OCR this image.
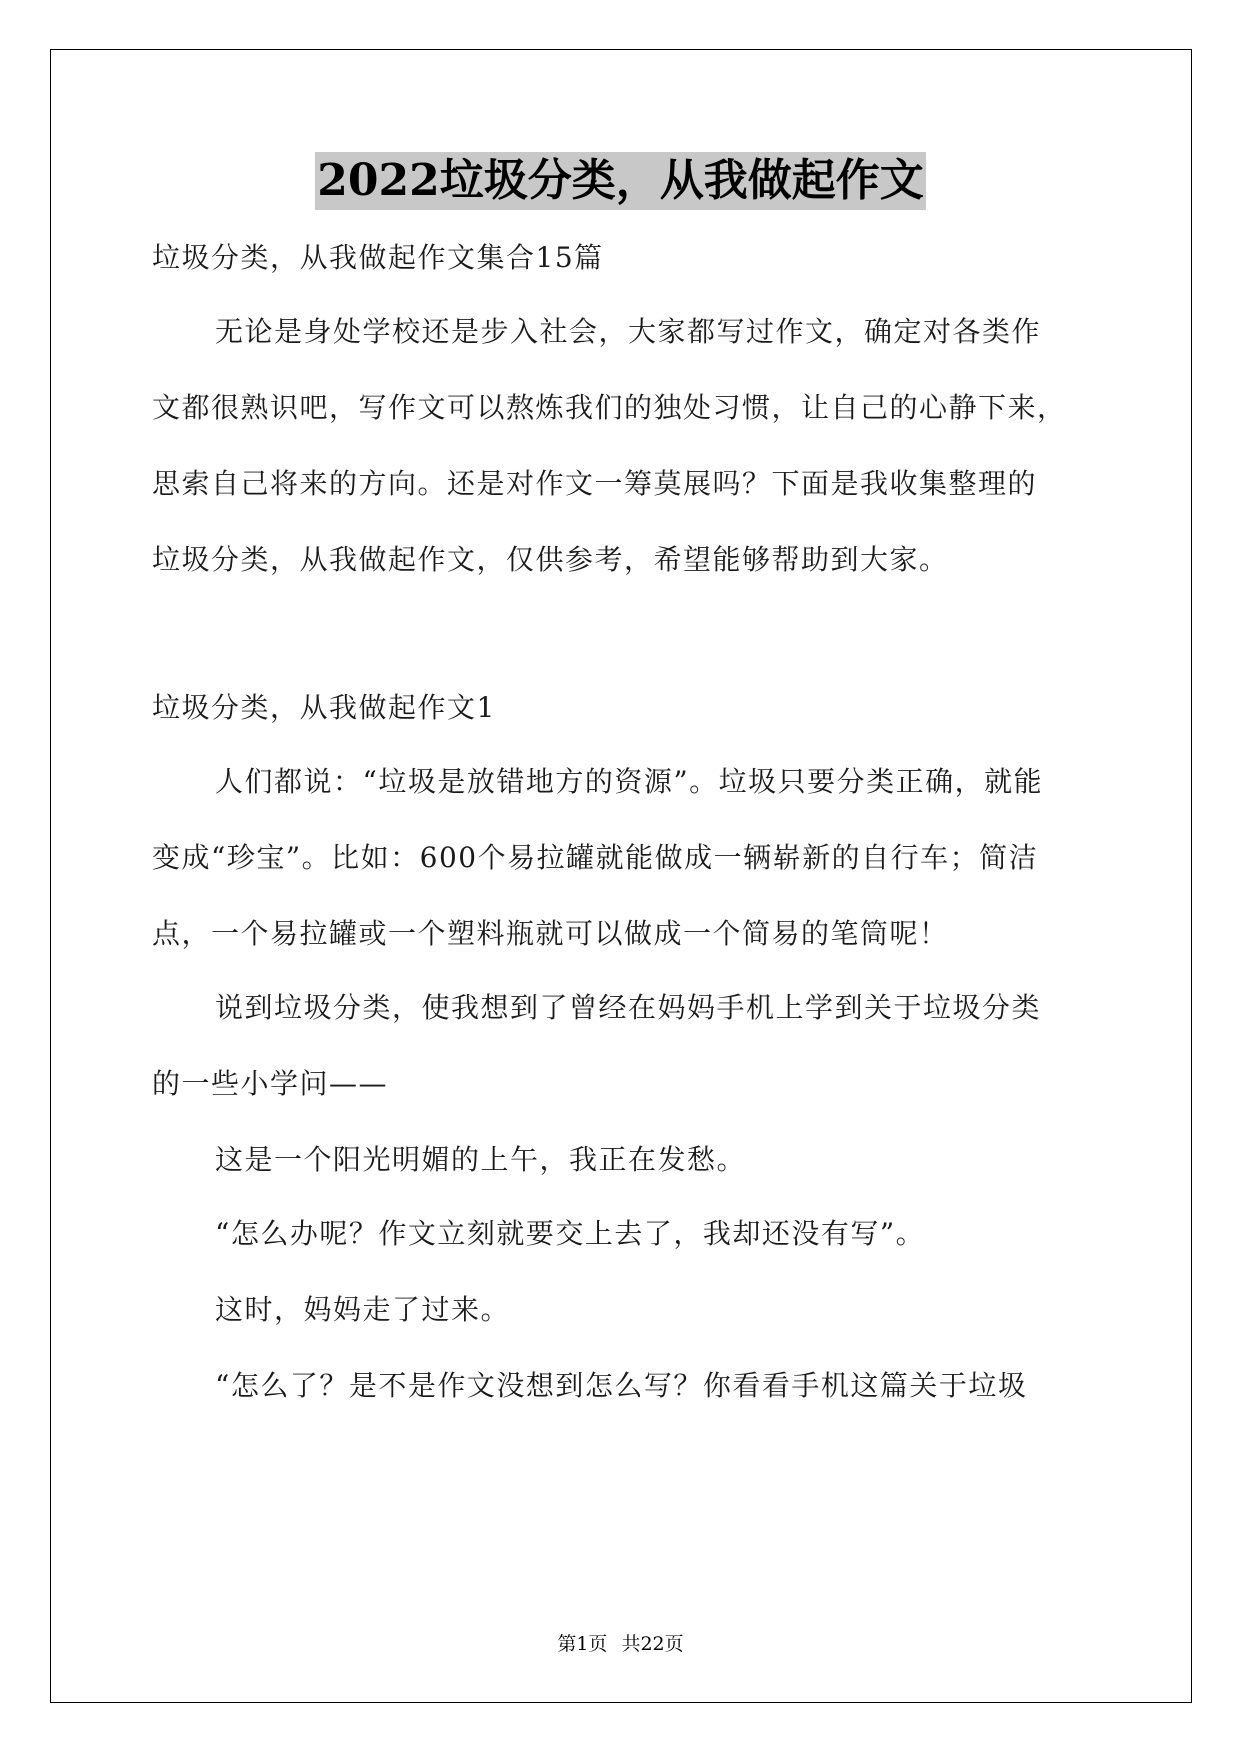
2022垃圾分类，从我做起作文
垃圾分类，从我做起作文集合15篇
无论是身处学校还是步入社会，大家都写过作文，确定对各类作
文都很熟识吧，写作文可以熬炼我们的独处习惯，让自己的心静下来，
思索自己将来的方向。还是对作文一筹莫展吗？下面是我收集整理的
垃圾分类，从我做起作文，仅供参考，希望能够帮助到大家。
垃圾分类，从我做起作文1
人们都说：“垃圾是放错地方的资源”。垃圾只要分类正确，就能
变成“珍宝”。比如：600个易拉罐就能做成一辆崭新的自行车；简洁
点，一个易拉罐或一个塑料瓶就可以做成一个简易的笔筒呢！
说到垃圾分类，使我想到了曾经在妈妈手机上学到关于垃圾分类
的一些小学问——
这是一个阳光明媚的上午，我正在发愁。
“怎么办呢？作文立刻就要交上去了，我却还没有写”。
这时，妈妈走了过来。
“怎么了？是不是作文没想到怎么写？你看看手机这篇关于垃圾
第1页 共22页
